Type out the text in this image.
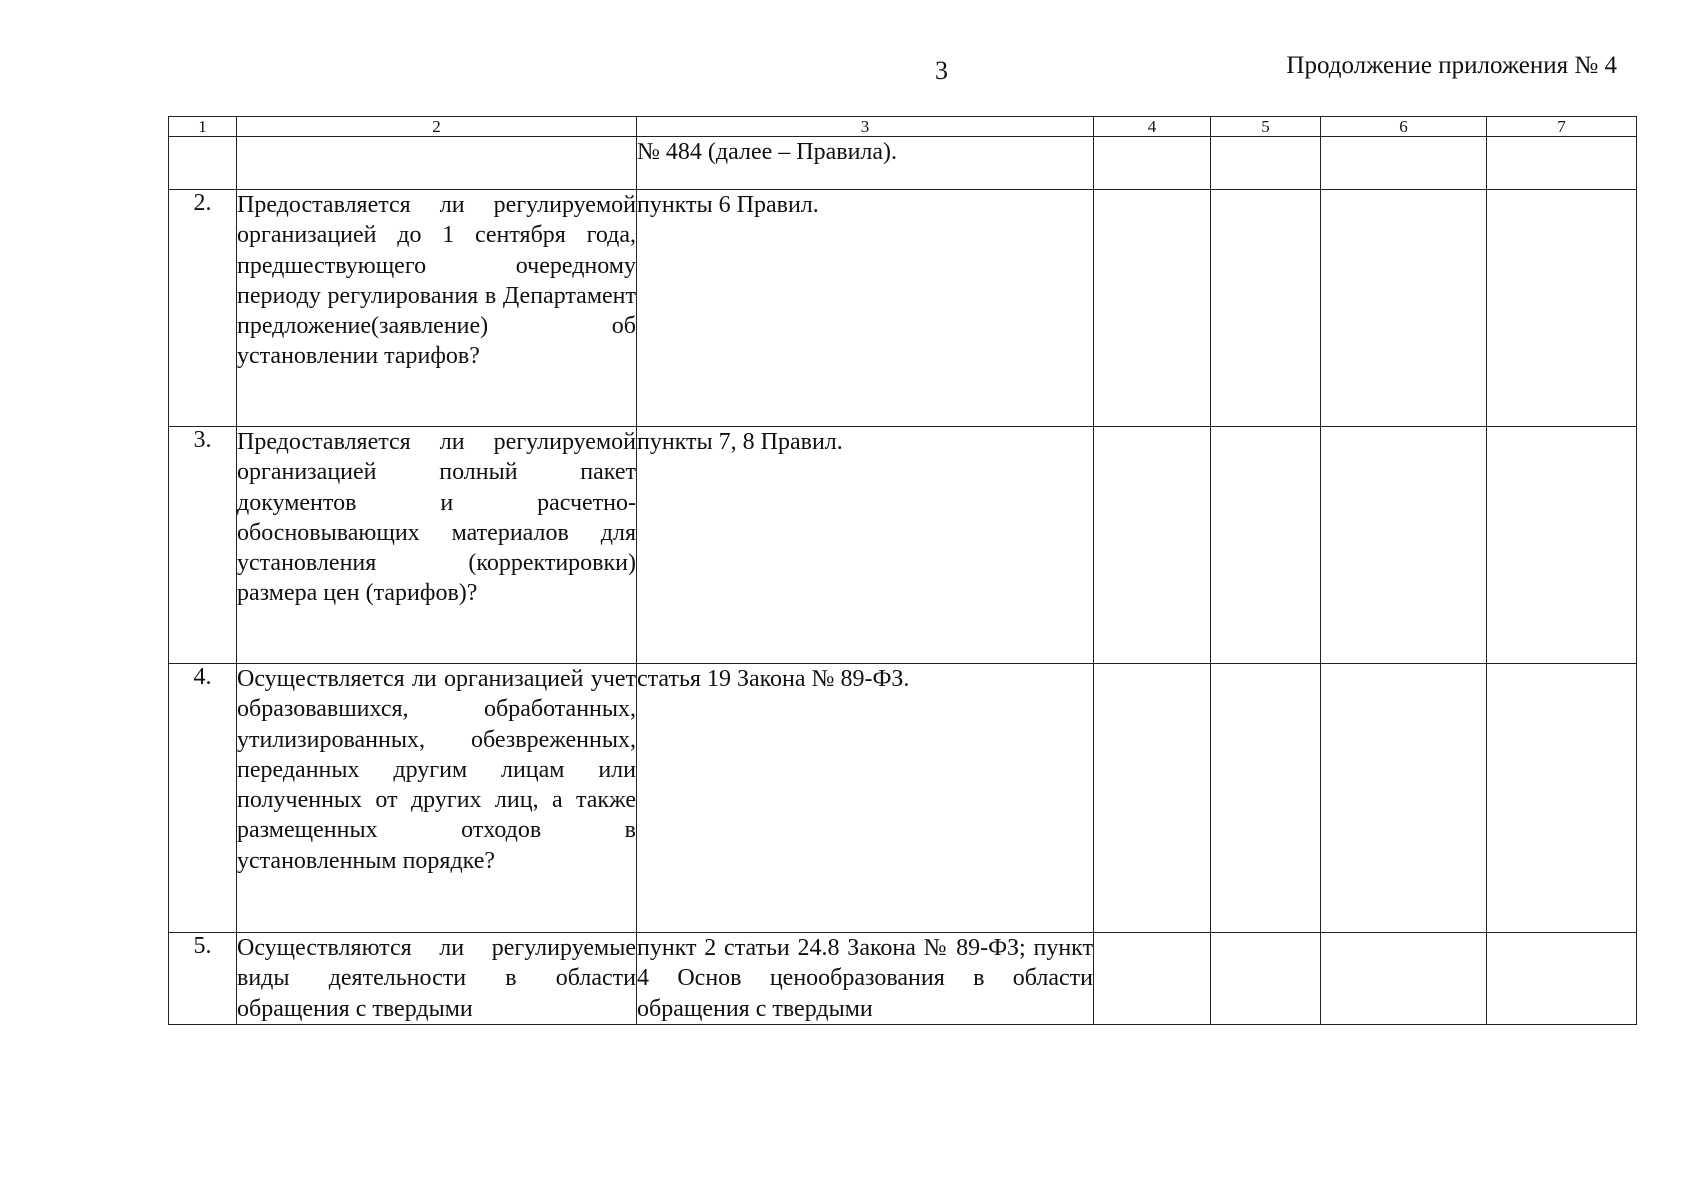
3	Продолжение приложения № 4
1	2	3	4	5	6	7
		№ 484 (далее – Правила).				
2.	Предоставляется ли регулируемой организацией до 1 сентября года, предшествующего очередному периоду регулирования в Департамент предложение(заявление) об установлении тарифов?	пункты 6 Правил.				
3.	Предоставляется ли регулируемой организацией полный пакет документов и расчетно-обосновывающих материалов для установления (корректировки) размера цен (тарифов)?	пункты 7, 8 Правил.				
4.	Осуществляется ли организацией учет образовавшихся, обработанных, утилизированных, обезвреженных, переданных другим лицам или полученных от других лиц, а также размещенных отходов в установленным порядке?	статья 19 Закона № 89-ФЗ.				
5.	Осуществляются ли регулируемые виды деятельности в области обращения с твердыми	пункт 2 статьи 24.8 Закона № 89-ФЗ; пункт 4 Основ ценообразования в области обращения с твердыми				
